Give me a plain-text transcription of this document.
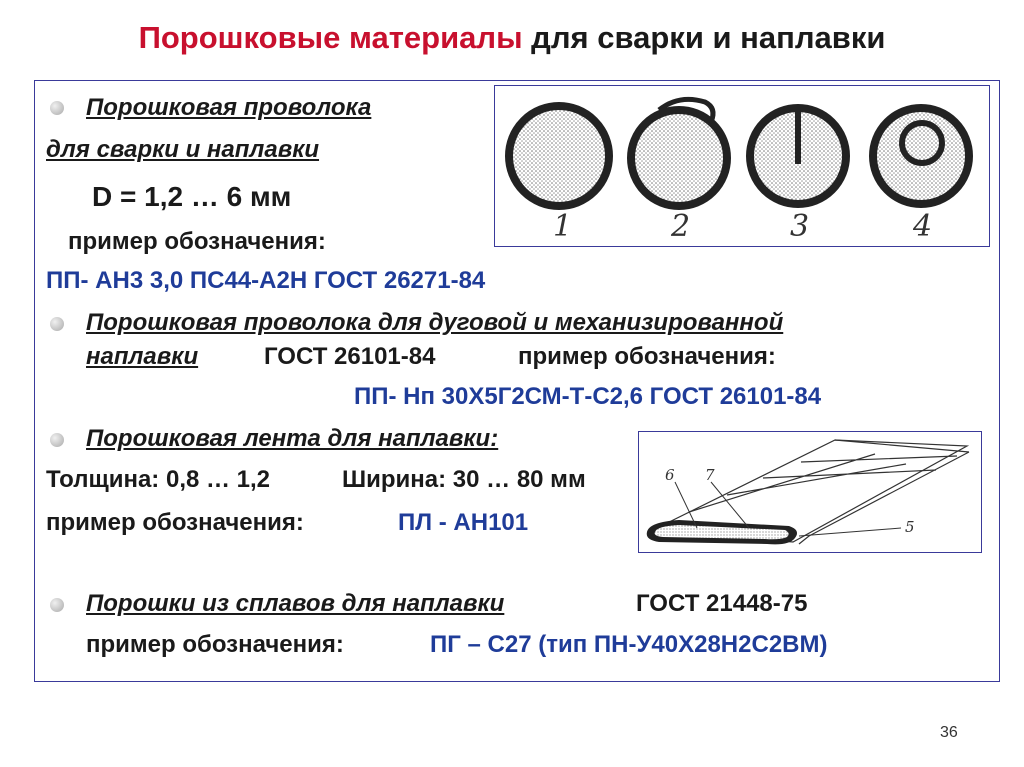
Порошковые материалы для сварки и наплавки
Порошковая проволока
для сварки и наплавки
D = 1,2 … 6 мм
пример обозначения:
ПП- АН3 3,0 ПС44-А2Н ГОСТ 26271-84
1	2	3	4
Порошковая проволока для дуговой и механизированной
наплавки	ГОСТ 26101-84	пример обозначения:
ПП- Нп 30Х5Г2СМ-Т-С2,6 ГОСТ 26101-84
Порошковая лента для наплавки:
Толщина: 0,8 … 1,2	Ширина: 30 … 80 мм
пример обозначения:	ПЛ - АН101
6 7
5
Порошки из сплавов для наплавки	ГОСТ 21448-75
пример обозначения:	ПГ – С27 (тип ПН-У40Х28Н2С2ВМ)
36
